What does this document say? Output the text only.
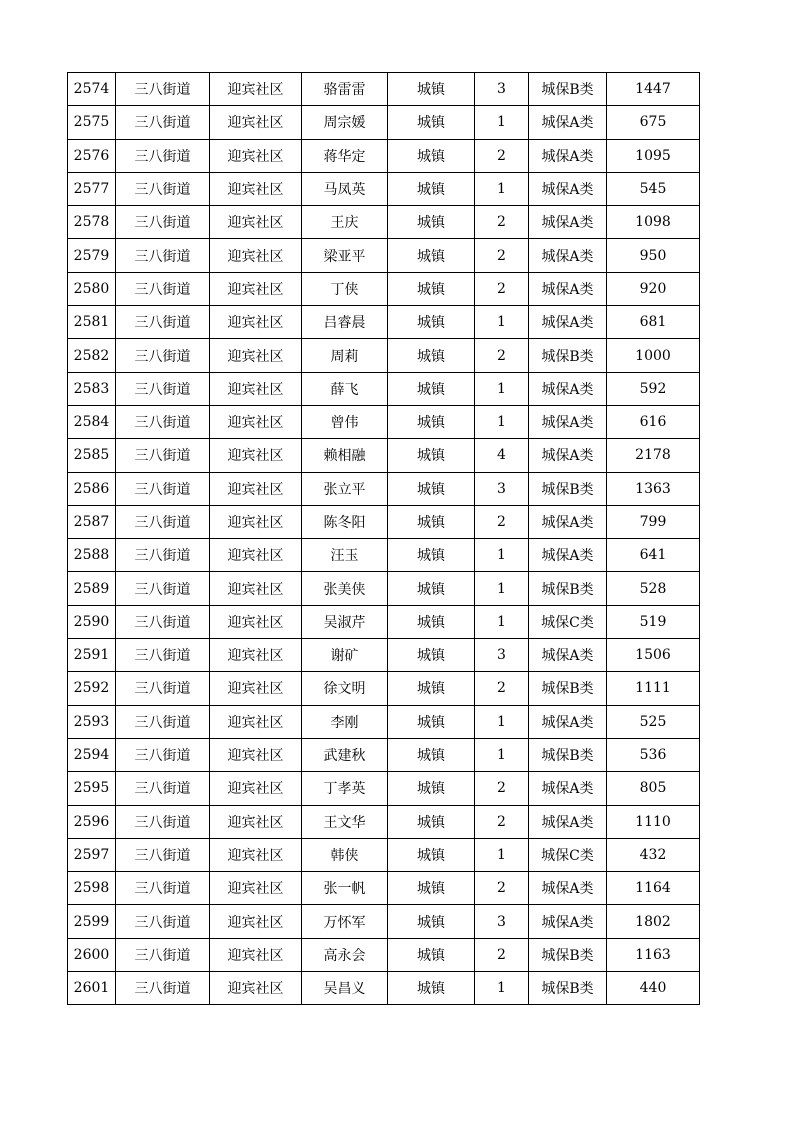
2574	三八街道	迎宾社区	骆雷雷	城镇	3	城保B类	1447
2575	三八街道	迎宾社区	周宗媛	城镇	1	城保A类	675
2576	三八街道	迎宾社区	蒋华定	城镇	2	城保A类	1095
2577	三八街道	迎宾社区	马凤英	城镇	1	城保A类	545
2578	三八街道	迎宾社区	王庆	城镇	2	城保A类	1098
2579	三八街道	迎宾社区	梁亚平	城镇	2	城保A类	950
2580	三八街道	迎宾社区	丁侠	城镇	2	城保A类	920
2581	三八街道	迎宾社区	吕睿晨	城镇	1	城保A类	681
2582	三八街道	迎宾社区	周莉	城镇	2	城保B类	1000
2583	三八街道	迎宾社区	薛飞	城镇	1	城保A类	592
2584	三八街道	迎宾社区	曾伟	城镇	1	城保A类	616
2585	三八街道	迎宾社区	赖相融	城镇	4	城保A类	2178
2586	三八街道	迎宾社区	张立平	城镇	3	城保B类	1363
2587	三八街道	迎宾社区	陈冬阳	城镇	2	城保A类	799
2588	三八街道	迎宾社区	汪玉	城镇	1	城保A类	641
2589	三八街道	迎宾社区	张美侠	城镇	1	城保B类	528
2590	三八街道	迎宾社区	吴淑芹	城镇	1	城保C类	519
2591	三八街道	迎宾社区	谢矿	城镇	3	城保A类	1506
2592	三八街道	迎宾社区	徐文明	城镇	2	城保B类	1111
2593	三八街道	迎宾社区	李刚	城镇	1	城保A类	525
2594	三八街道	迎宾社区	武建秋	城镇	1	城保B类	536
2595	三八街道	迎宾社区	丁孝英	城镇	2	城保A类	805
2596	三八街道	迎宾社区	王文华	城镇	2	城保A类	1110
2597	三八街道	迎宾社区	韩侠	城镇	1	城保C类	432
2598	三八街道	迎宾社区	张一帆	城镇	2	城保A类	1164
2599	三八街道	迎宾社区	万怀军	城镇	3	城保A类	1802
2600	三八街道	迎宾社区	高永会	城镇	2	城保B类	1163
2601	三八街道	迎宾社区	吴昌义	城镇	1	城保B类	440
